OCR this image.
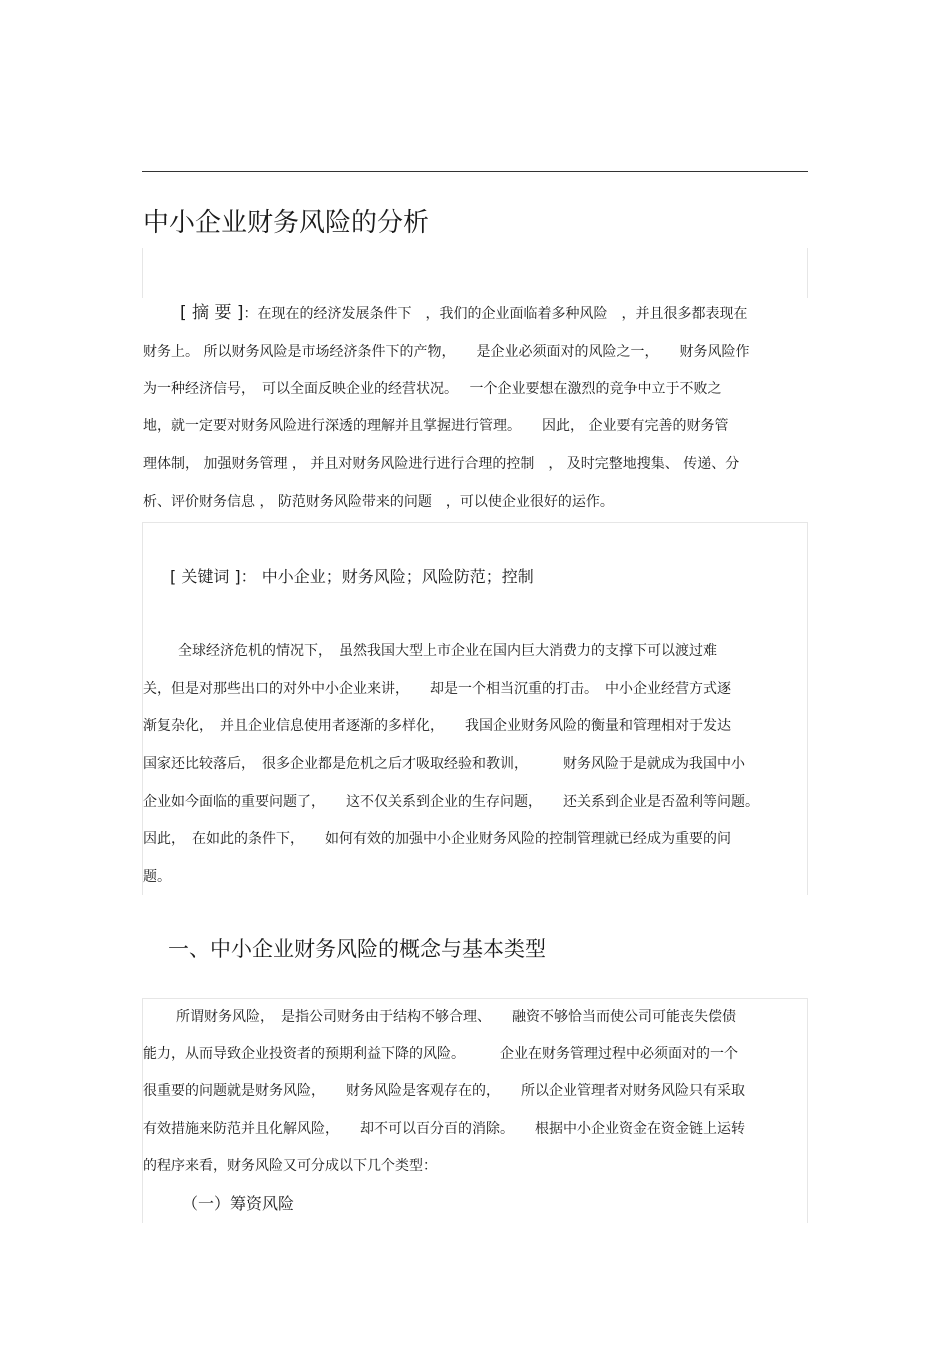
中小企业财务风险的分析
[ 摘 要 ]：在现在的经济发展条件下　，我们的企业面临着多种风险　，并且很多都表现在
财务上。 所以财务风险是市场经济条件下的产物，　　是企业必须面对的风险之一，　　财务风险作
为一种经济信号，　可以全面反映企业的经营状况。　 一个企业要想在激烈的竞争中立于不败之
地，就一定要对财务风险进行深透的理解并且掌握进行管理。　　因此， 企业要有完善的财务管
理体制， 加强财务管理 ， 并且对财务风险进行进行合理的控制　， 及时完整地搜集、 传递、分
析、评价财务信息 ， 防范财务风险带来的问题　，可以使企业很好的运作。
[ 关键词 ]： 中小企业；财务风险；风险防范；控制
全球经济危机的情况下，　虽然我国大型上市企业在国内巨大消费力的支撑下可以渡过难
关，但是对那些出口的对外中小企业来讲，　　却是一个相当沉重的打击。　中小企业经营方式逐
渐复杂化，　并且企业信息使用者逐渐的多样化，　　我国企业财务风险的衡量和管理相对于发达
国家还比较落后，　很多企业都是危机之后才吸取经验和教训，　　　财务风险于是就成为我国中小
企业如今面临的重要问题了，　　这不仅关系到企业的生存问题，　　还关系到企业是否盈利等问题。
因此，　在如此的条件下，　　如何有效的加强中小企业财务风险的控制管理就已经成为重要的问
题。
一、中小企业财务风险的概念与基本类型
所谓财务风险，　是指公司财务由于结构不够合理、　　融资不够恰当而使公司可能丧失偿债
能力，从而导致企业投资者的预期利益下降的风险。　　　企业在财务管理过程中必须面对的一个
很重要的问题就是财务风险，　　财务风险是客观存在的，　　所以企业管理者对财务风险只有采取
有效措施来防范并且化解风险，　　却不可以百分百的消除。　　根据中小企业资金在资金链上运转
的程序来看，财务风险又可分成以下几个类型：
（一）筹资风险
